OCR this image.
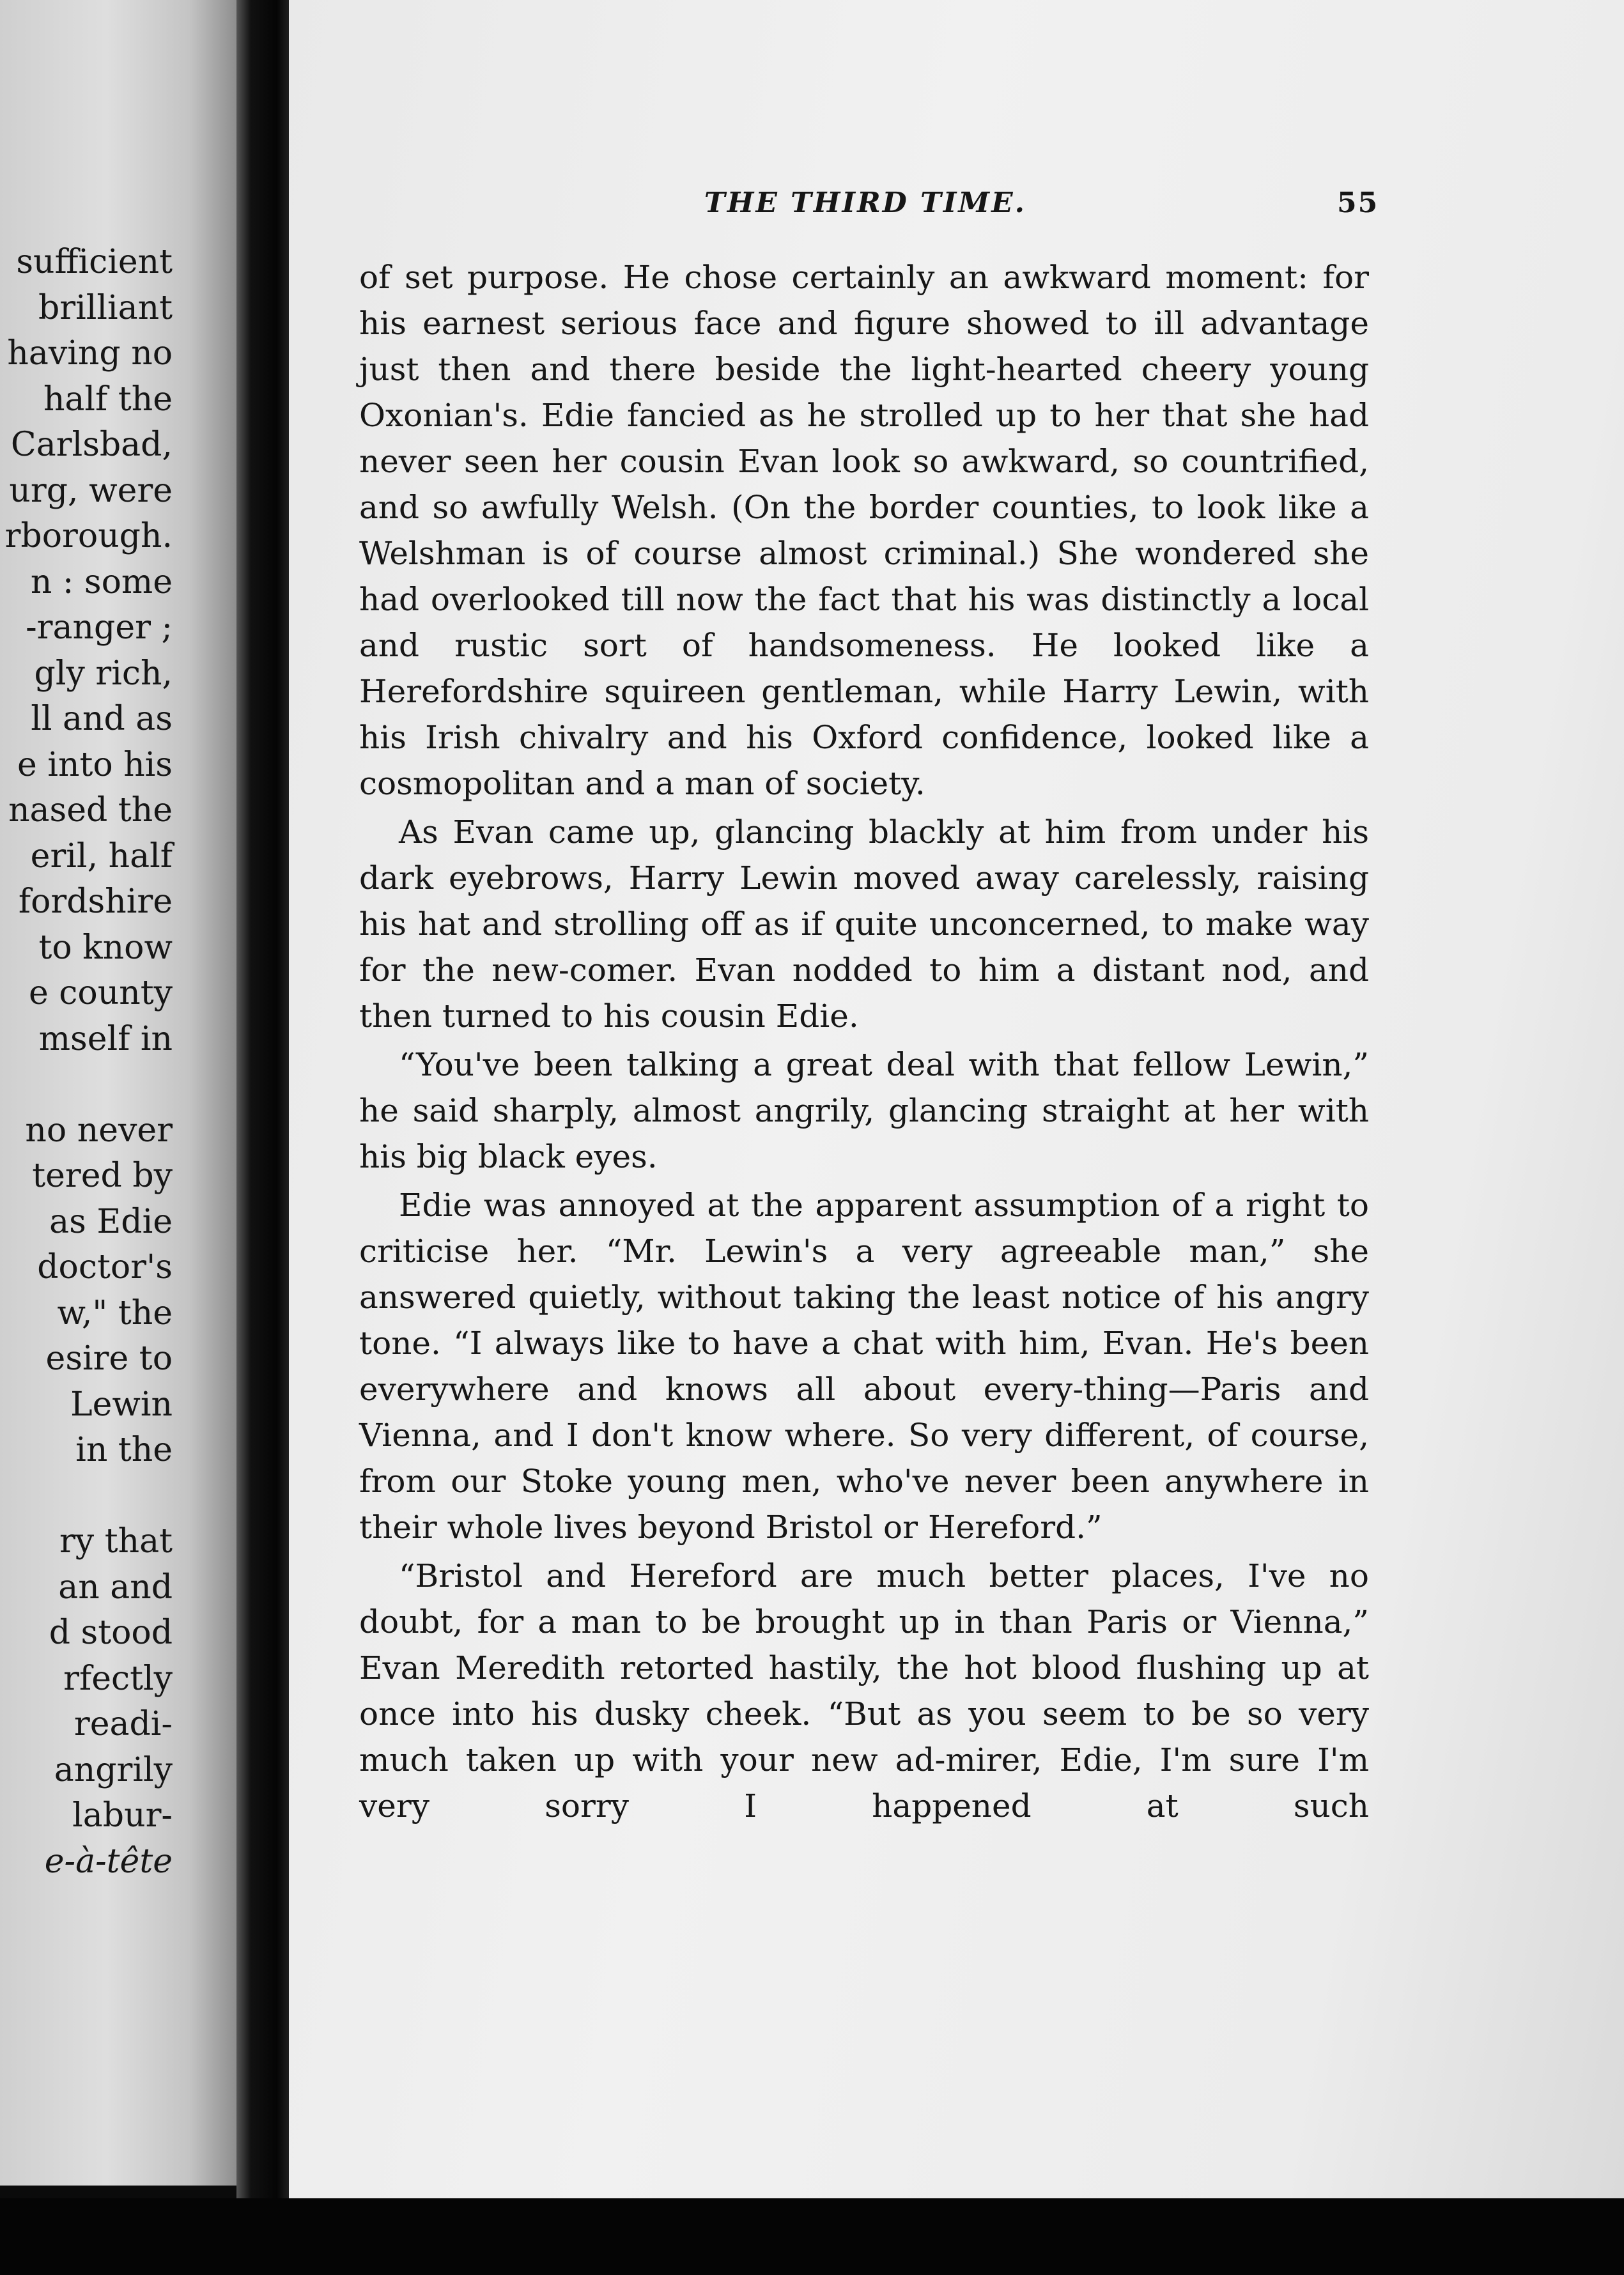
sufficient
brilliant
having no
half the
Carlsbad,
urg, were
rborough.
n : some
-ranger ;
gly rich,
ll and as
e into his
nased the
eril, half
fordshire
to know
e county
mself in
no never
tered by
as Edie
doctor's
w," the
esire to
Lewin
in the
ry that
an and
d stood
rfectly
readi-
angrily
labur-
e-à-tête
THE THIRD TIME.	55

of set purpose. He chose certainly an awkward moment: for his earnest serious face and figure showed to ill advantage just then and there beside the light-hearted cheery young Oxonian's. Edie fancied as he strolled up to her that she had never seen her cousin Evan look so awkward, so countrified, and so awfully Welsh. (On the border counties, to look like a Welshman is of course almost criminal.) She wondered she had overlooked till now the fact that his was distinctly a local and rustic sort of handsomeness. He looked like a Herefordshire squireen gentleman, while Harry Lewin, with his Irish chivalry and his Oxford confidence, looked like a cosmopolitan and a man of society.

As Evan came up, glancing blackly at him from under his dark eyebrows, Harry Lewin moved away carelessly, raising his hat and strolling off as if quite unconcerned, to make way for the new-comer. Evan nodded to him a distant nod, and then turned to his cousin Edie.

“You've been talking a great deal with that fellow Lewin,” he said sharply, almost angrily, glancing straight at her with his big black eyes.

Edie was annoyed at the apparent assumption of a right to criticise her. “Mr. Lewin's a very agreeable man,” she answered quietly, without taking the least notice of his angry tone. “I always like to have a chat with him, Evan. He's been everywhere and knows all about every-thing—Paris and Vienna, and I don't know where. So very different, of course, from our Stoke young men, who've never been anywhere in their whole lives beyond Bristol or Hereford.”

“Bristol and Hereford are much better places, I've no doubt, for a man to be brought up in than Paris or Vienna,” Evan Meredith retorted hastily, the hot blood flushing up at once into his dusky cheek. “But as you seem to be so very much taken up with your new ad-mirer, Edie, I'm sure I'm very sorry I happened at such
